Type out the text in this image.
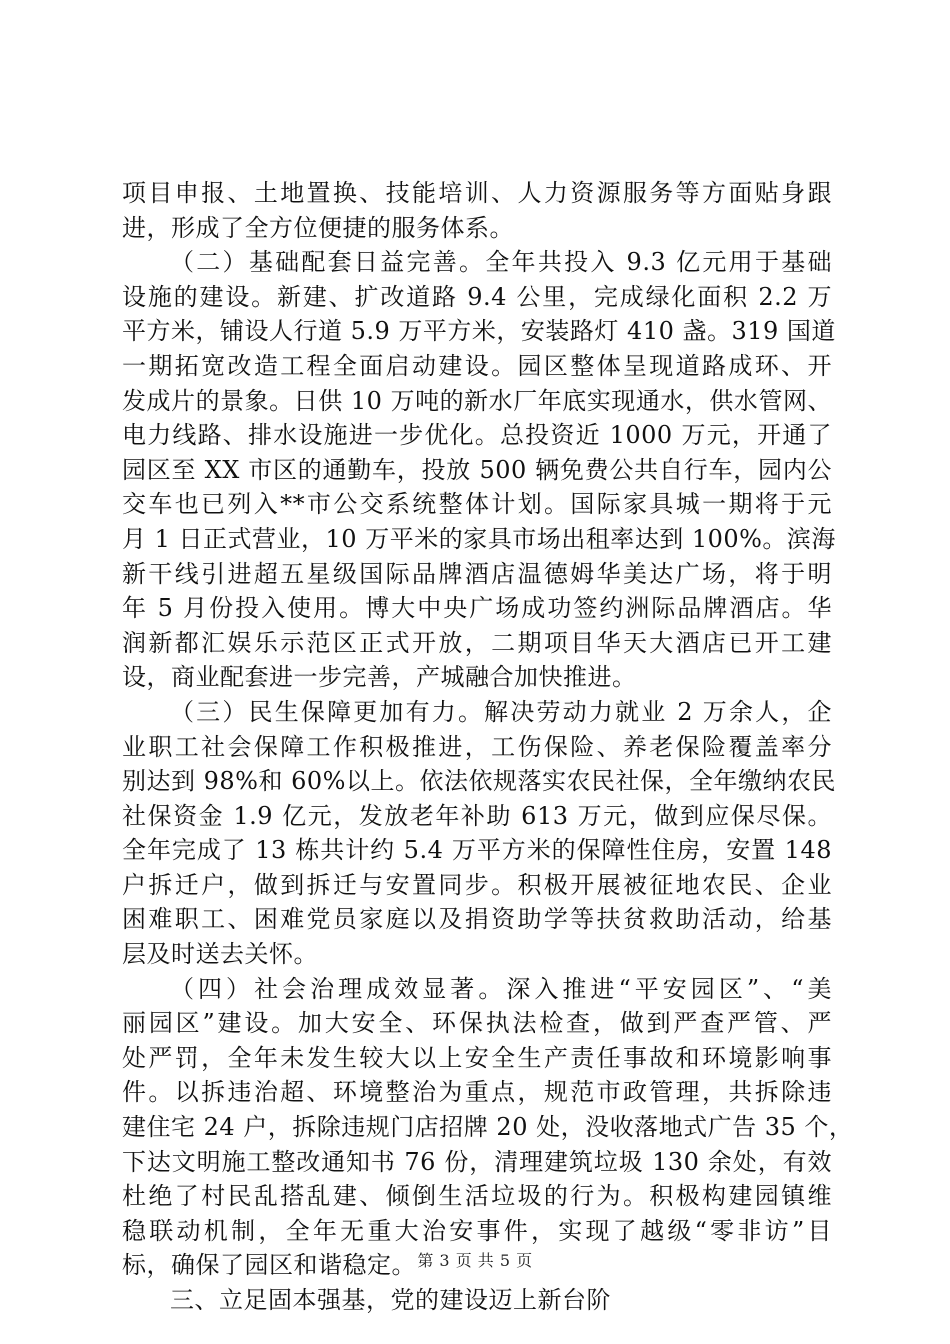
项目申报、土地置换、技能培训、人力资源服务等方面贴身跟
进，形成了全方位便捷的服务体系。
（二）基础配套日益完善。全年共投入 9.3 亿元用于基础
设施的建设。新建、扩改道路 9.4 公里，完成绿化面积 2.2 万
平方米，铺设人行道 5.9 万平方米，安装路灯 410 盏。319 国道
一期拓宽改造工程全面启动建设。园区整体呈现道路成环、开
发成片的景象。日供 10 万吨的新水厂年底实现通水，供水管网、
电力线路、排水设施进一步优化。总投资近 1000 万元，开通了
园区至 XX 市区的通勤车，投放 500 辆免费公共自行车，园内公
交车也已列入**市公交系统整体计划。国际家具城一期将于元
月 1 日正式营业，10 万平米的家具市场出租率达到 100%。滨海
新干线引进超五星级国际品牌酒店温德姆华美达广场，将于明
年 5 月份投入使用。博大中央广场成功签约洲际品牌酒店。华
润新都汇娱乐示范区正式开放，二期项目华天大酒店已开工建
设，商业配套进一步完善，产城融合加快推进。
（三）民生保障更加有力。解决劳动力就业 2 万余人，企
业职工社会保障工作积极推进，工伤保险、养老保险覆盖率分
别达到 98%和 60%以上。依法依规落实农民社保，全年缴纳农民
社保资金 1.9 亿元，发放老年补助 613 万元，做到应保尽保。
全年完成了 13 栋共计约 5.4 万平方米的保障性住房，安置 148
户拆迁户，做到拆迁与安置同步。积极开展被征地农民、企业
困难职工、困难党员家庭以及捐资助学等扶贫救助活动，给基
层及时送去关怀。
（四）社会治理成效显著。深入推进“平安园区”、“美
丽园区”建设。加大安全、环保执法检查，做到严查严管、严
处严罚，全年未发生较大以上安全生产责任事故和环境影响事
件。以拆违治超、环境整治为重点，规范市政管理，共拆除违
建住宅 24 户，拆除违规门店招牌 20 处，没收落地式广告 35 个，
下达文明施工整改通知书 76 份，清理建筑垃圾 130 余处，有效
杜绝了村民乱搭乱建、倾倒生活垃圾的行为。积极构建园镇维
稳联动机制，全年无重大治安事件，实现了越级“零非访”目
标，确保了园区和谐稳定。
三、立足固本强基，党的建设迈上新台阶
第 3 页 共 5 页
